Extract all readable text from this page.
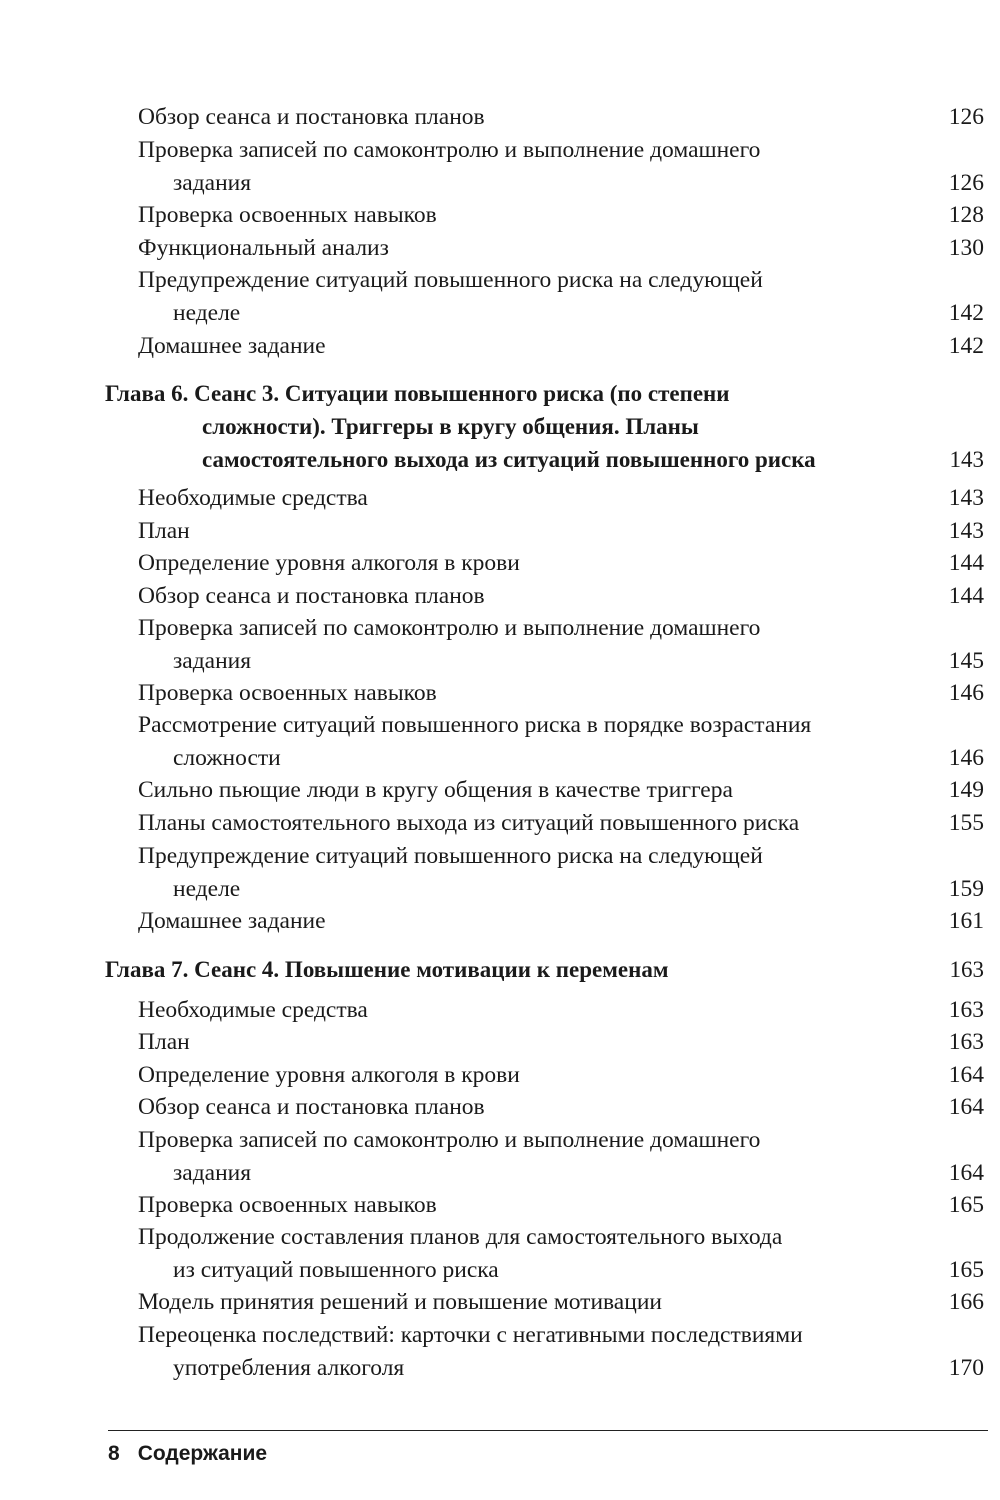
Обзор сеанса и постановка планов	126
Проверка записей по самоконтролю и выполнение домашнего
задания	126
Проверка освоенных навыков	128
Функциональный анализ	130
Предупреждение ситуаций повышенного риска на следующей
неделе	142
Домашнее задание	142
Глава 6. Сеанс 3. Ситуации повышенного риска (по степени
сложности). Триггеры в кругу общения. Планы
самостоятельного выхода из ситуаций повышенного риска	143
Необходимые средства	143
План	143
Определение уровня алкоголя в крови	144
Обзор сеанса и постановка планов	144
Проверка записей по самоконтролю и выполнение домашнего
задания	145
Проверка освоенных навыков	146
Рассмотрение ситуаций повышенного риска в порядке возрастания
сложности	146
Сильно пьющие люди в кругу общения в качестве триггера	149
Планы самостоятельного выхода из ситуаций повышенного риска	155
Предупреждение ситуаций повышенного риска на следующей
неделе	159
Домашнее задание	161
Глава 7. Сеанс 4. Повышение мотивации к переменам	163
Необходимые средства	163
План	163
Определение уровня алкоголя в крови	164
Обзор сеанса и постановка планов	164
Проверка записей по самоконтролю и выполнение домашнего
задания	164
Проверка освоенных навыков	165
Продолжение составления планов для самостоятельного выхода
из ситуаций повышенного риска	165
Модель принятия решений и повышение мотивации	166
Переоценка последствий: карточки с негативными последствиями
употребления алкоголя	170
8 Содержание
